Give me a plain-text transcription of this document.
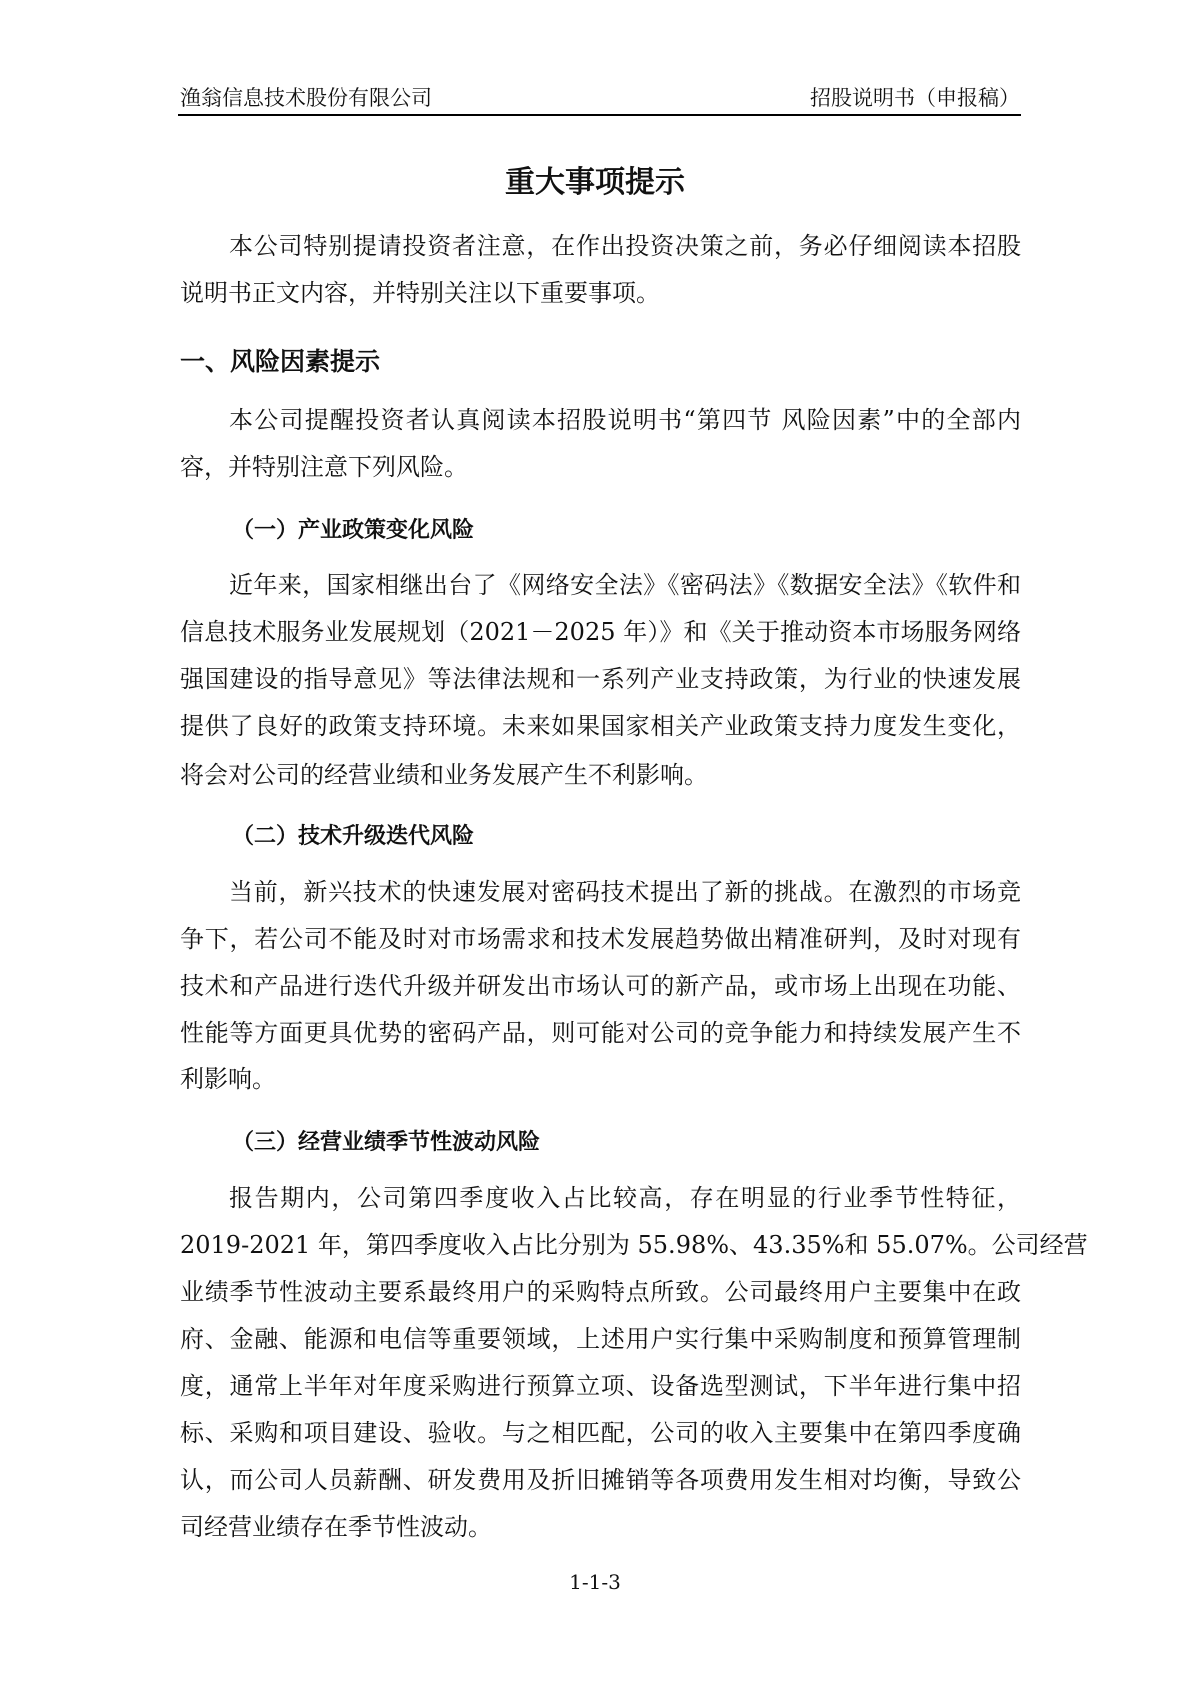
渔翁信息技术股份有限公司	招股说明书（申报稿）
重大事项提示
本公司特别提请投资者注意，在作出投资决策之前，务必仔细阅读本招股
说明书正文内容，并特别关注以下重要事项。
一、风险因素提示
本公司提醒投资者认真阅读本招股说明书“第四节 风险因素”中的全部内
容，并特别注意下列风险。
（一）产业政策变化风险
近年来，国家相继出台了《网络安全法》《密码法》《数据安全法》《软件和
信息技术服务业发展规划（2021－2025 年）》和《关于推动资本市场服务网络
强国建设的指导意见》等法律法规和一系列产业支持政策，为行业的快速发展
提供了良好的政策支持环境。未来如果国家相关产业政策支持力度发生变化，
将会对公司的经营业绩和业务发展产生不利影响。
（二）技术升级迭代风险
当前，新兴技术的快速发展对密码技术提出了新的挑战。在激烈的市场竞
争下，若公司不能及时对市场需求和技术发展趋势做出精准研判，及时对现有
技术和产品进行迭代升级并研发出市场认可的新产品，或市场上出现在功能、
性能等方面更具优势的密码产品，则可能对公司的竞争能力和持续发展产生不
利影响。
（三）经营业绩季节性波动风险
报告期内，公司第四季度收入占比较高，存在明显的行业季节性特征，
2019-2021 年，第四季度收入占比分别为 55.98%、43.35%和 55.07%。公司经营
业绩季节性波动主要系最终用户的采购特点所致。公司最终用户主要集中在政
府、金融、能源和电信等重要领域，上述用户实行集中采购制度和预算管理制
度，通常上半年对年度采购进行预算立项、设备选型测试，下半年进行集中招
标、采购和项目建设、验收。与之相匹配，公司的收入主要集中在第四季度确
认，而公司人员薪酬、研发费用及折旧摊销等各项费用发生相对均衡，导致公
司经营业绩存在季节性波动。
1-1-3
